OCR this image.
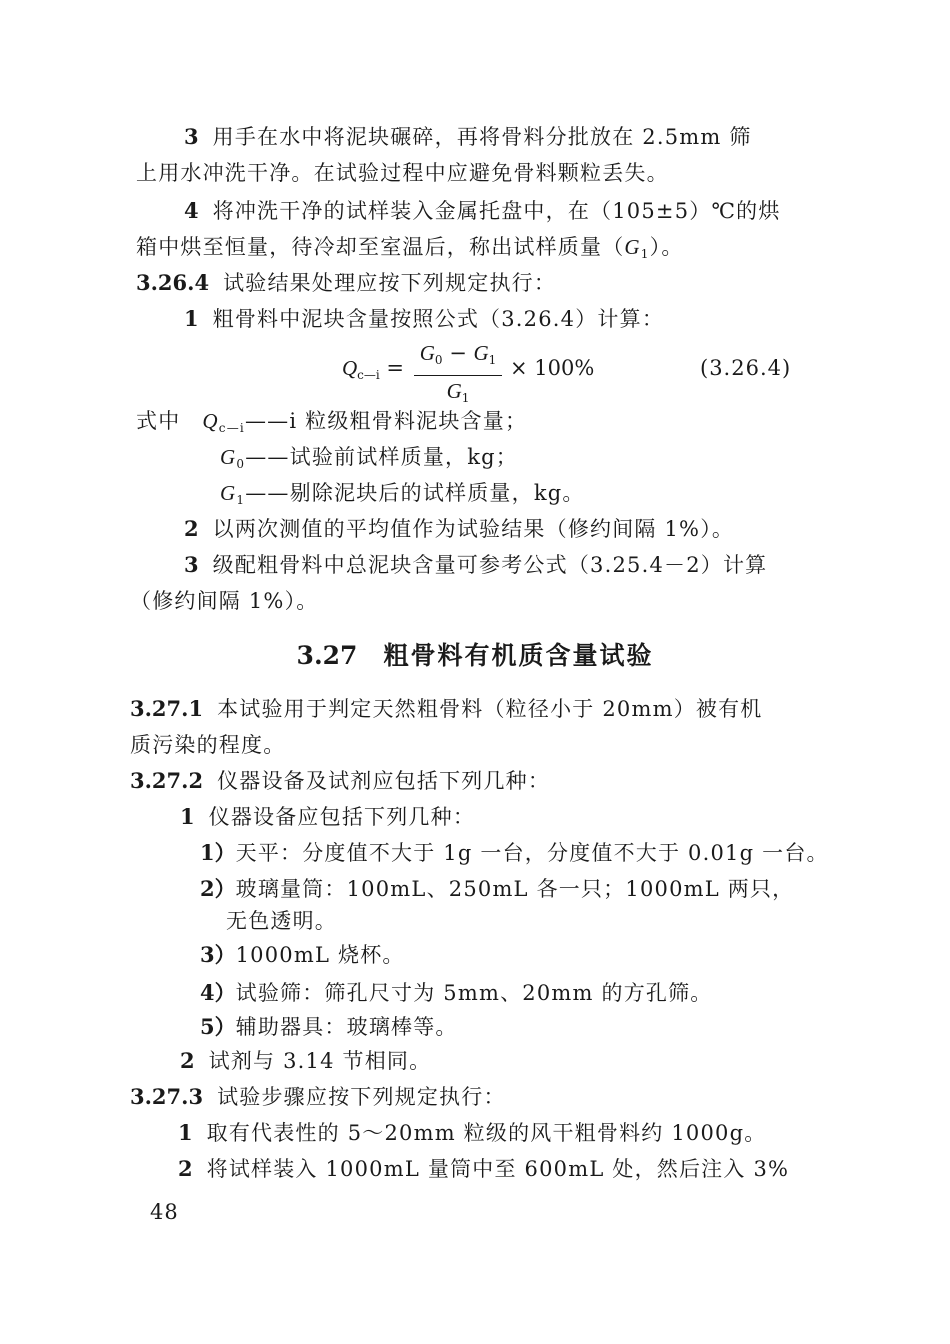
3 用手在水中将泥块碾碎，再将骨料分批放在 2.5mm 筛
上用水冲洗干净。在试验过程中应避免骨料颗粒丢失。
4 将冲洗干净的试样装入金属托盘中，在（105±5）℃的烘
箱中烘至恒量，待冷却至室温后，称出试样质量$(G_1)$。
3.26.4 试验结果处理应按下列规定执行：
1 粗骨料中泥块含量按照公式（3.26.4）计算：
$Q_{c—i}$ =
$G_0 - G_1$
$G_1$
× 100%	(3.26.4)
式中 $Q_{c—i}——i$ 粒级粗骨料泥块含量；
$G_0——$试验前试样质量，kg；
$G_1——$剔除泥块后的试样质量，kg。
2 以两次测值的平均值作为试验结果（修约间隔 1%）。
3 级配粗骨料中总泥块含量可参考公式（3.25.4－2）计算
（修约间隔 1%）。
3.27 粗骨料有机质含量试验
3.27.1 本试验用于判定天然粗骨料（粒径小于 20mm）被有机
质污染的程度。
3.27.2 仪器设备及试剂应包括下列几种：
1 仪器设备应包括下列几种：
1）天平：分度值不大于 1g 一台，分度值不大于 0.01g 一台。
2）玻璃量筒：100mL、250mL 各一只；1000mL 两只，
无色透明。
3）1000mL 烧杯。
4）试验筛：筛孔尺寸为 5mm、20mm 的方孔筛。
5）辅助器具：玻璃棒等。
2 试剂与 3.14 节相同。
3.27.3 试验步骤应按下列规定执行：
1 取有代表性的 5～20mm 粒级的风干粗骨料约 1000g。
2 将试样装入 1000mL 量筒中至 600mL 处，然后注入 3%
48
